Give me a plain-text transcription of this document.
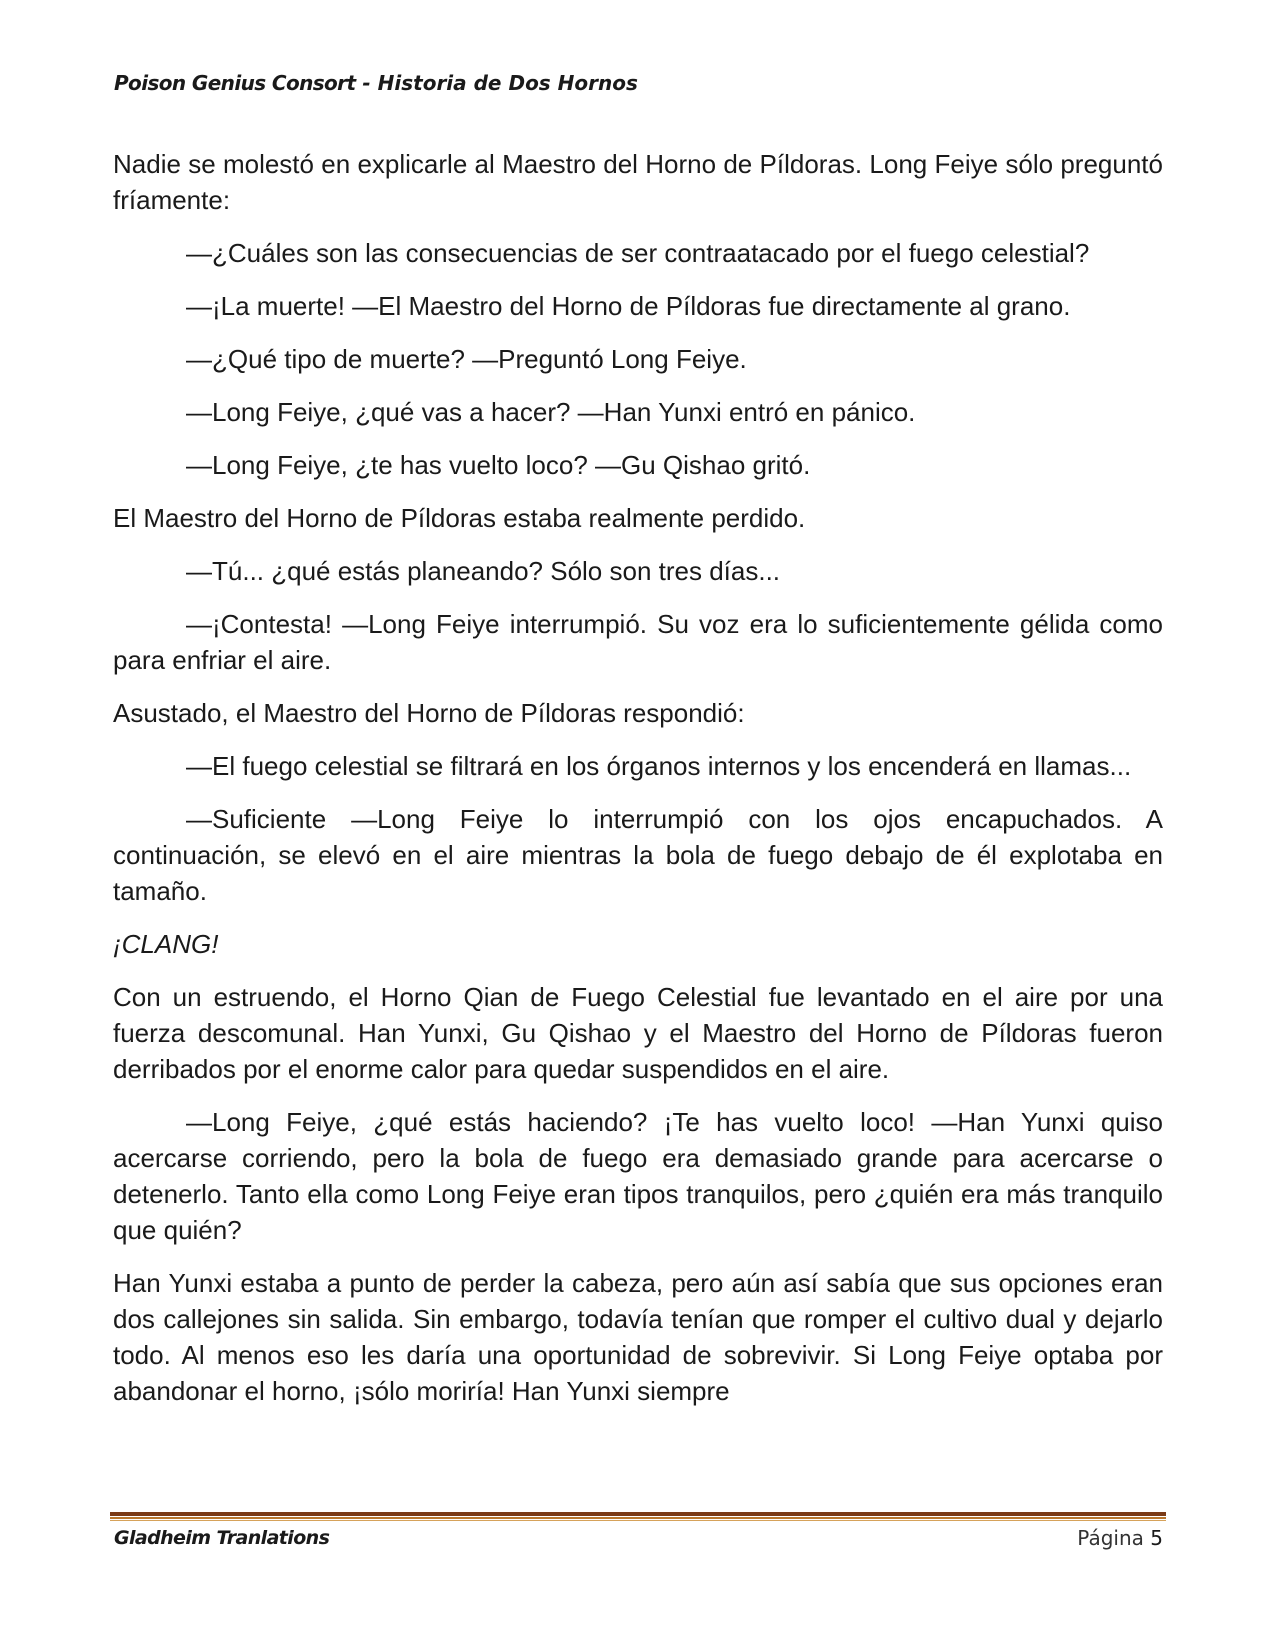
Poison Genius Consort - Historia de Dos Hornos

Nadie se molestó en explicarle al Maestro del Horno de Píldoras. Long Feiye sólo preguntó fríamente:

—¿Cuáles son las consecuencias de ser contraatacado por el fuego celestial?

—¡La muerte! —El Maestro del Horno de Píldoras fue directamente al grano.

—¿Qué tipo de muerte? —Preguntó Long Feiye.

—Long Feiye, ¿qué vas a hacer? —Han Yunxi entró en pánico.

—Long Feiye, ¿te has vuelto loco? —Gu Qishao gritó.

El Maestro del Horno de Píldoras estaba realmente perdido.

—Tú... ¿qué estás planeando? Sólo son tres días...

—¡Contesta! —Long Feiye interrumpió. Su voz era lo suficientemente gélida como para enfriar el aire.

Asustado, el Maestro del Horno de Píldoras respondió:

—El fuego celestial se filtrará en los órganos internos y los encenderá en llamas...

—Suficiente —Long Feiye lo interrumpió con los ojos encapuchados. A continuación, se elevó en el aire mientras la bola de fuego debajo de él explotaba en tamaño.

¡CLANG!

Con un estruendo, el Horno Qian de Fuego Celestial fue levantado en el aire por una fuerza descomunal. Han Yunxi, Gu Qishao y el Maestro del Horno de Píldoras fueron derribados por el enorme calor para quedar suspendidos en el aire.

—Long Feiye, ¿qué estás haciendo? ¡Te has vuelto loco! —Han Yunxi quiso acercarse corriendo, pero la bola de fuego era demasiado grande para acercarse o detenerlo. Tanto ella como Long Feiye eran tipos tranquilos, pero ¿quién era más tranquilo que quién?

Han Yunxi estaba a punto de perder la cabeza, pero aún así sabía que sus opciones eran dos callejones sin salida. Sin embargo, todavía tenían que romper el cultivo dual y dejarlo todo. Al menos eso les daría una oportunidad de sobrevivir. Si Long Feiye optaba por abandonar el horno, ¡sólo moriría! Han Yunxi siempre

Gladheim Tranlations	Página 5
